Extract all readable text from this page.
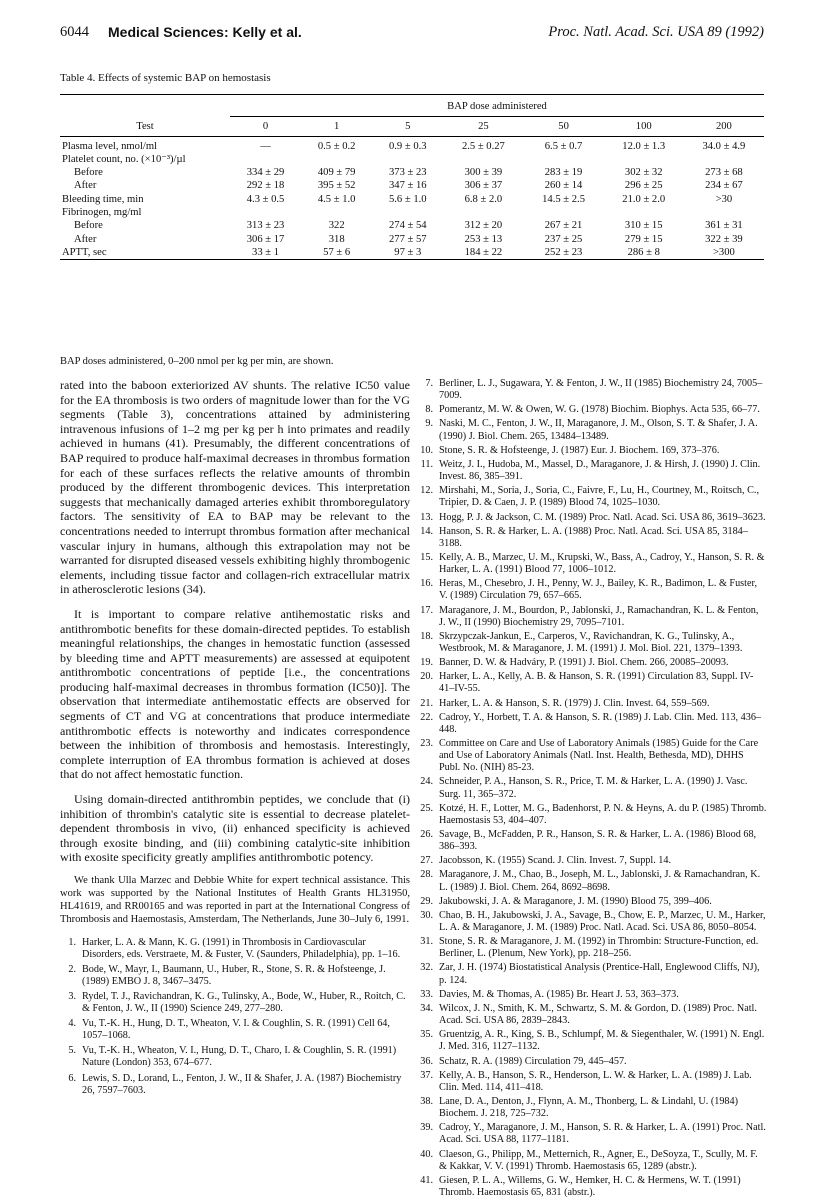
6044 Medical Sciences: Kelly et al.	Proc. Natl. Acad. Sci. USA 89 (1992)
Table 4. Effects of systemic BAP on hemostasis
Test	BAP dose administered						
	0	1	5	25	50	100	200
Plasma level, nmol/ml	—	0.5 ± 0.2	0.9 ± 0.3	2.5 ± 0.27	6.5 ± 0.7	12.0 ± 1.3	34.0 ± 4.9
Platelet count, no. (×10⁻³)/µl							
Before	334 ± 29	409 ± 79	373 ± 23	300 ± 39	283 ± 19	302 ± 32	273 ± 68
After	292 ± 18	395 ± 52	347 ± 16	306 ± 37	260 ± 14	296 ± 25	234 ± 67
Bleeding time, min	4.3 ± 0.5	4.5 ± 1.0	5.6 ± 1.0	6.8 ± 2.0	14.5 ± 2.5	21.0 ± 2.0	>30
Fibrinogen, mg/ml							
Before	313 ± 23	322	274 ± 54	312 ± 20	267 ± 21	310 ± 15	361 ± 31
After	306 ± 17	318	277 ± 57	253 ± 13	237 ± 25	279 ± 15	322 ± 39
APTT, sec	33 ± 1	57 ± 6	97 ± 3	184 ± 22	252 ± 23	286 ± 8	>300
BAP doses administered, 0–200 nmol per kg per min, are shown.

rated into the baboon exteriorized AV shunts. The relative IC50 value for the EA thrombosis is two orders of magnitude lower than for the VG segments (Table 3), concentrations attained by administering intravenous infusions of 1–2 mg per kg per h into primates and readily achieved in humans (41). Presumably, the different concentrations of BAP required to produce half-maximal decreases in thrombus formation for each of these surfaces reflects the relative amounts of thrombin produced by the different thrombogenic devices. This interpretation suggests that mechanically damaged arteries exhibit thromboregulatory factors. The sensitivity of EA to BAP may be relevant to the concentrations needed to interrupt thrombus formation after mechanical vascular injury in humans, although this extrapolation may not be warranted for disrupted diseased vessels exhibiting highly thrombogenic elements, including tissue factor and collagen-rich extracellular matrix in atherosclerotic lesions (34).

It is important to compare relative antihemostatic risks and antithrombotic benefits for these domain-directed peptides. To establish meaningful relationships, the changes in hemostatic function (assessed by bleeding time and APTT measurements) are assessed at equipotent antithrombotic concentrations of peptide [i.e., the concentrations producing half-maximal decreases in thrombus formation (IC50)]. The observation that intermediate antihemostatic effects are observed for segments of CT and VG at concentrations that produce intermediate antithrombotic effects is noteworthy and indicates correspondence between the inhibition of thrombosis and hemostasis. Interestingly, complete interruption of EA thrombus formation is achieved at doses that do not affect hemostatic function.

Using domain-directed antithrombin peptides, we conclude that (i) inhibition of thrombin's catalytic site is essential to decrease platelet-dependent thrombosis in vivo, (ii) enhanced specificity is achieved through exosite binding, and (iii) combining catalytic-site inhibition with exosite specificity greatly amplifies antithrombotic potency.

We thank Ulla Marzec and Debbie White for expert technical assistance. This work was supported by the National Institutes of Health Grants HL31950, HL41619, and RR00165 and was reported in part at the International Congress of Thrombosis and Haemostasis, Amsterdam, The Netherlands, June 30–July 6, 1991.

1. Harker, L. A. & Mann, K. G. (1991) in Thrombosis in Cardiovascular Disorders, eds. Verstraete, M. & Fuster, V. (Saunders, Philadelphia), pp. 1–16.
2. Bode, W., Mayr, I., Baumann, U., Huber, R., Stone, S. R. & Hofsteenge, J. (1989) EMBO J. 8, 3467–3475.
3. Rydel, T. J., Ravichandran, K. G., Tulinsky, A., Bode, W., Huber, R., Roitch, C. & Fenton, J. W., II (1990) Science 249, 277–280.
4. Vu, T.-K. H., Hung, D. T., Wheaton, V. I. & Coughlin, S. R. (1991) Cell 64, 1057–1068.
5. Vu, T.-K. H., Wheaton, V. I., Hung, D. T., Charo, I. & Coughlin, S. R. (1991) Nature (London) 353, 674–677.
6. Lewis, S. D., Lorand, L., Fenton, J. W., II & Shafer, J. A. (1987) Biochemistry 26, 7597–7603.
7. Berliner, L. J., Sugawara, Y. & Fenton, J. W., II (1985) Biochemistry 24, 7005–7009.
8. Pomerantz, M. W. & Owen, W. G. (1978) Biochim. Biophys. Acta 535, 66–77.
9. Naski, M. C., Fenton, J. W., II, Maraganore, J. M., Olson, S. T. & Shafer, J. A. (1990) J. Biol. Chem. 265, 13484–13489.
10. Stone, S. R. & Hofsteenge, J. (1987) Eur. J. Biochem. 169, 373–376.
11. Weitz, J. I., Hudoba, M., Massel, D., Maraganore, J. & Hirsh, J. (1990) J. Clin. Invest. 86, 385–391.
12. Mirshahi, M., Soria, J., Soria, C., Faivre, F., Lu, H., Courtney, M., Roitsch, C., Tripier, D. & Caen, J. P. (1989) Blood 74, 1025–1030.
13. Hogg, P. J. & Jackson, C. M. (1989) Proc. Natl. Acad. Sci. USA 86, 3619–3623.
14. Hanson, S. R. & Harker, L. A. (1988) Proc. Natl. Acad. Sci. USA 85, 3184–3188.
15. Kelly, A. B., Marzec, U. M., Krupski, W., Bass, A., Cadroy, Y., Hanson, S. R. & Harker, L. A. (1991) Blood 77, 1006–1012.
16. Heras, M., Chesebro, J. H., Penny, W. J., Bailey, K. R., Badimon, L. & Fuster, V. (1989) Circulation 79, 657–665.
17. Maraganore, J. M., Bourdon, P., Jablonski, J., Ramachandran, K. L. & Fenton, J. W., II (1990) Biochemistry 29, 7095–7101.
18. Skrzypczak-Jankun, E., Carperos, V., Ravichandran, K. G., Tulinsky, A., Westbrook, M. & Maraganore, J. M. (1991) J. Mol. Biol. 221, 1379–1393.
19. Banner, D. W. & Hadváry, P. (1991) J. Biol. Chem. 266, 20085–20093.
20. Harker, L. A., Kelly, A. B. & Hanson, S. R. (1991) Circulation 83, Suppl. IV-41–IV-55.
21. Harker, L. A. & Hanson, S. R. (1979) J. Clin. Invest. 64, 559–569.
22. Cadroy, Y., Horbett, T. A. & Hanson, S. R. (1989) J. Lab. Clin. Med. 113, 436–448.
23. Committee on Care and Use of Laboratory Animals (1985) Guide for the Care and Use of Laboratory Animals (Natl. Inst. Health, Bethesda, MD), DHHS Publ. No. (NIH) 85-23.
24. Schneider, P. A., Hanson, S. R., Price, T. M. & Harker, L. A. (1990) J. Vasc. Surg. 11, 365–372.
25. Kotzé, H. F., Lotter, M. G., Badenhorst, P. N. & Heyns, A. du P. (1985) Thromb. Haemostasis 53, 404–407.
26. Savage, B., McFadden, P. R., Hanson, S. R. & Harker, L. A. (1986) Blood 68, 386–393.
27. Jacobsson, K. (1955) Scand. J. Clin. Invest. 7, Suppl. 14.
28. Maraganore, J. M., Chao, B., Joseph, M. L., Jablonski, J. & Ramachandran, K. L. (1989) J. Biol. Chem. 264, 8692–8698.
29. Jakubowski, J. A. & Maraganore, J. M. (1990) Blood 75, 399–406.
30. Chao, B. H., Jakubowski, J. A., Savage, B., Chow, E. P., Marzec, U. M., Harker, L. A. & Maraganore, J. M. (1989) Proc. Natl. Acad. Sci. USA 86, 8050–8054.
31. Stone, S. R. & Maraganore, J. M. (1992) in Thrombin: Structure-Function, ed. Berliner, L. (Plenum, New York), pp. 218–256.
32. Zar, J. H. (1974) Biostatistical Analysis (Prentice-Hall, Englewood Cliffs, NJ), p. 124.
33. Davies, M. & Thomas, A. (1985) Br. Heart J. 53, 363–373.
34. Wilcox, J. N., Smith, K. M., Schwartz, S. M. & Gordon, D. (1989) Proc. Natl. Acad. Sci. USA 86, 2839–2843.
35. Gruentzig, A. R., King, S. B., Schlumpf, M. & Siegenthaler, W. (1991) N. Engl. J. Med. 316, 1127–1132.
36. Schatz, R. A. (1989) Circulation 79, 445–457.
37. Kelly, A. B., Hanson, S. R., Henderson, L. W. & Harker, L. A. (1989) J. Lab. Clin. Med. 114, 411–418.
38. Lane, D. A., Denton, J., Flynn, A. M., Thonberg, L. & Lindahl, U. (1984) Biochem. J. 218, 725–732.
39. Cadroy, Y., Maraganore, J. M., Hanson, S. R. & Harker, L. A. (1991) Proc. Natl. Acad. Sci. USA 88, 1177–1181.
40. Claeson, G., Philipp, M., Metternich, R., Agner, E., DeSoyza, T., Scully, M. F. & Kakkar, V. V. (1991) Thromb. Haemostasis 65, 1289 (abstr.).
41. Giesen, P. L. A., Willems, G. W., Hemker, H. C. & Hermens, W. T. (1991) Thromb. Haemostasis 65, 831 (abstr.).
